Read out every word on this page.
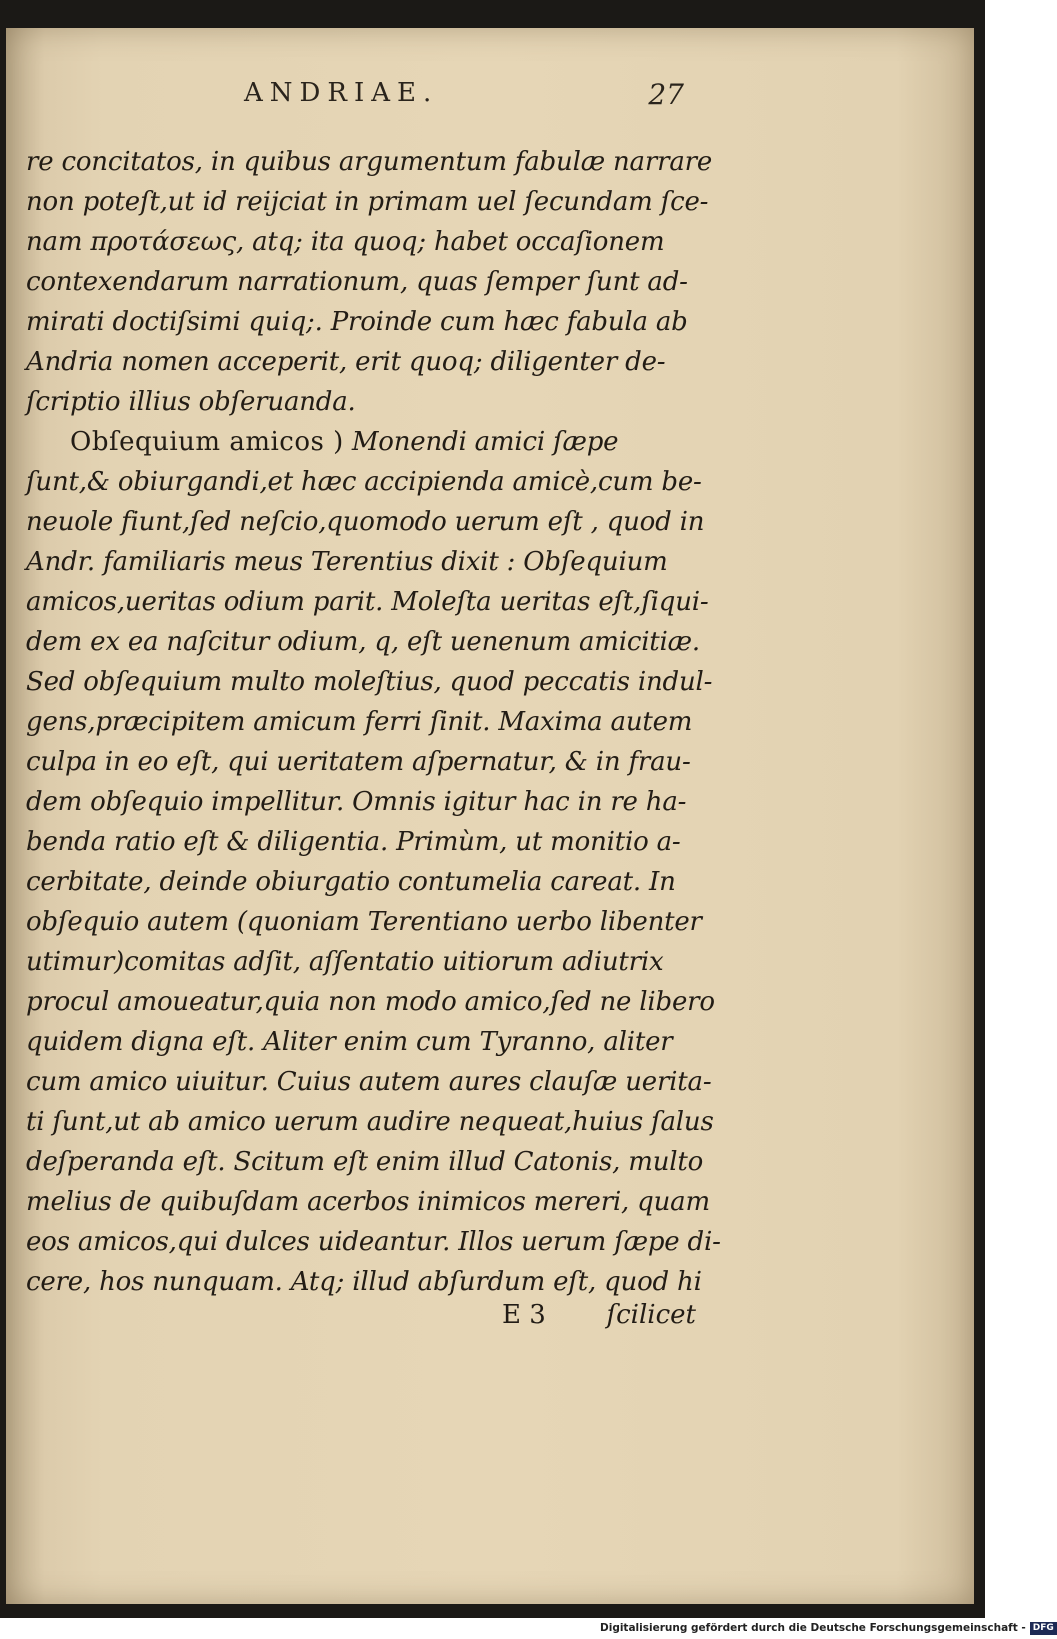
ANDRIAE.	27
re concitatos, in quibus argumentum fabulæ narrare
non poteſt,ut id reijciat in primam uel ſecundam ſce-
nam πρoτάσεως, atq; ita quoq; habet occaſionem
contexendarum narrationum, quas ſemper ſunt ad-
mirati doctiſsimi quiq;. Proinde cum hæc fabula ab
Andria nomen acceperit, erit quoq; diligenter de-
ſcriptio illius obſeruanda.
Obſequium amicos ) Monendi amici ſæpe
ſunt,& obiurgandi,et hæc accipienda amicè,cum be-
neuole fiunt,ſed neſcio,quomodo uerum eſt , quod in
Andr. familiaris meus Terentius dixit : Obſequium
amicos,ueritas odium parit. Moleſta ueritas eſt,ſiqui-
dem ex ea naſcitur odium, q, eſt uenenum amicitiæ.
Sed obſequium multo moleſtius, quod peccatis indul-
gens,præcipitem amicum ferri ſinit. Maxima autem
culpa in eo eſt, qui ueritatem aſpernatur, & in frau-
dem obſequio impellitur. Omnis igitur hac in re ha-
benda ratio eſt & diligentia. Primùm, ut monitio a-
cerbitate, deinde obiurgatio contumelia careat. In
obſequio autem (quoniam Terentiano uerbo libenter
utimur)comitas adſit, aſſentatio uitiorum adiutrix
procul amoueatur,quia non modo amico,ſed ne libero
quidem digna eſt. Aliter enim cum Tyranno, aliter
cum amico uiuitur. Cuius autem aures clauſæ uerita-
ti ſunt,ut ab amico uerum audire nequeat,huius ſalus
deſperanda eſt. Scitum eſt enim illud Catonis, multo
melius de quibuſdam acerbos inimicos mereri, quam
eos amicos,qui dulces uideantur. Illos uerum ſæpe di-
cere, hos nunquam. Atq; illud abſurdum eſt, quod hi
E 3 ſcilicet
Digitalisierung gefördert durch die Deutsche Forschungsgemeinschaft - DFG
